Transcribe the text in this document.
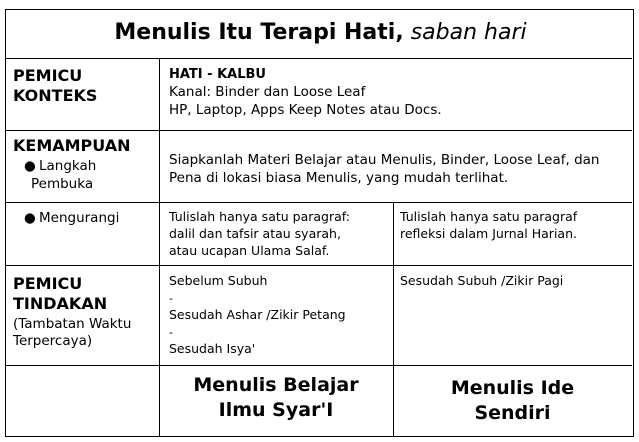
Menulis Itu Terapi Hati, saban hari
PEMICU
KONTEKS
HATI - KALBU
Kanal: Binder dan Loose Leaf
HP, Laptop, Apps Keep Notes atau Docs.
KEMAMPUAN
● Langkah
Pembuka
Siapkanlah Materi Belajar atau Menulis, Binder, Loose Leaf, dan
Pena di lokasi biasa Menulis, yang mudah terlihat.
● Mengurangi	Tulislah hanya satu paragraf:
dalil dan tafsir atau syarah,
atau ucapan Ulama Salaf.
Tulislah hanya satu paragraf
refleksi dalam Jurnal Harian.
PEMICU
TINDAKAN
(Tambatan Waktu
Terpercaya)
Sebelum Subuh
-
Sesudah Ashar /Zikir Petang
-
Sesudah Isya'
Sesudah Subuh /Zikir Pagi
Menulis Belajar
Ilmu Syar'I
Menulis Ide
Sendiri
